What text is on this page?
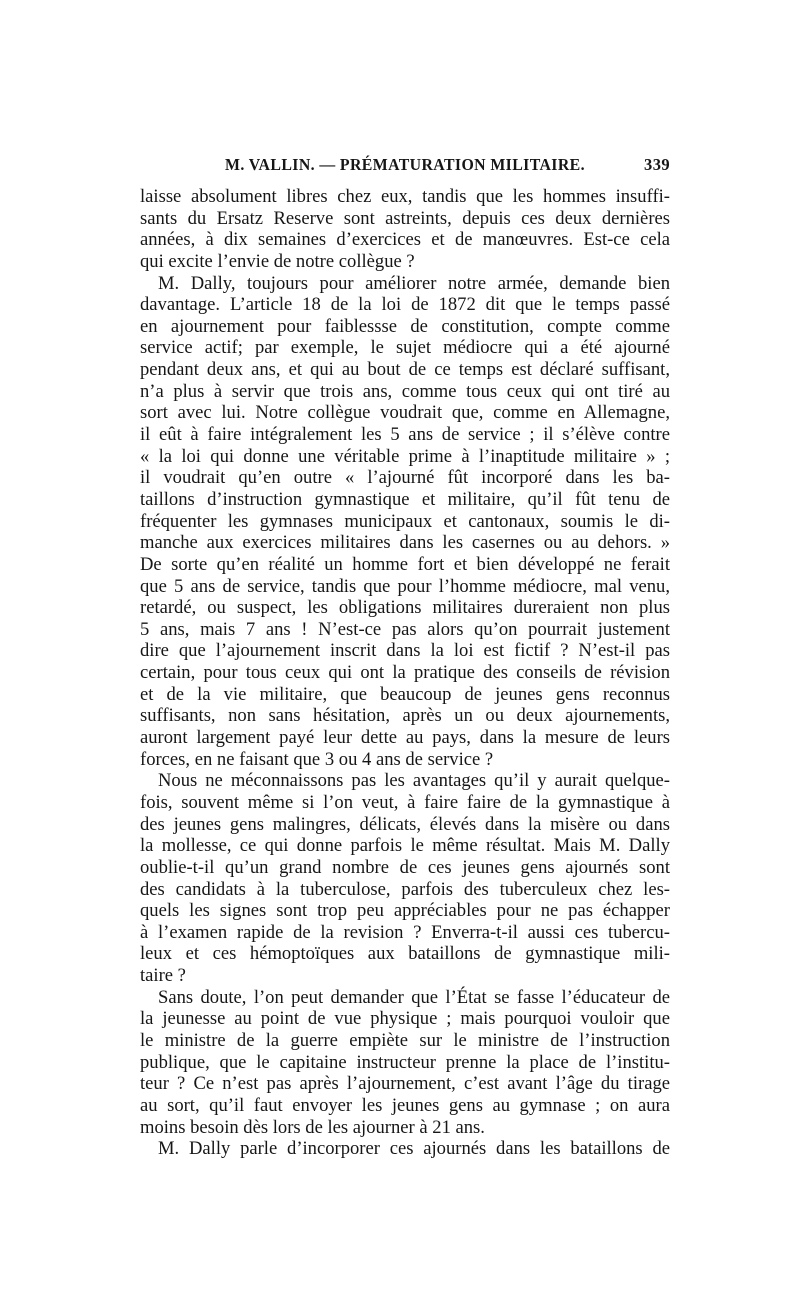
M. VALLIN. — PRÉMATURATION MILITAIRE.	339
laisse absolument libres chez eux, tandis que les hommes insuffi-
sants du Ersatz Reserve sont astreints, depuis ces deux dernières
années, à dix semaines d’exercices et de manœuvres. Est-ce cela
qui excite l’envie de notre collègue ?
M. Dally, toujours pour améliorer notre armée, demande bien
davantage. L’article 18 de la loi de 1872 dit que le temps passé
en ajournement pour faiblessse de constitution, compte comme
service actif; par exemple, le sujet médiocre qui a été ajourné
pendant deux ans, et qui au bout de ce temps est déclaré suffisant,
n’a plus à servir que trois ans, comme tous ceux qui ont tiré au
sort avec lui. Notre collègue voudrait que, comme en Allemagne,
il eût à faire intégralement les 5 ans de service ; il s’élève contre
« la loi qui donne une véritable prime à l’inaptitude militaire » ;
il voudrait qu’en outre « l’ajourné fût incorporé dans les ba-
taillons d’instruction gymnastique et militaire, qu’il fût tenu de
fréquenter les gymnases municipaux et cantonaux, soumis le di-
manche aux exercices militaires dans les casernes ou au dehors. »
De sorte qu’en réalité un homme fort et bien développé ne ferait
que 5 ans de service, tandis que pour l’homme médiocre, mal venu,
retardé, ou suspect, les obligations militaires dureraient non plus
5 ans, mais 7 ans ! N’est-ce pas alors qu’on pourrait justement
dire que l’ajournement inscrit dans la loi est fictif ? N’est-il pas
certain, pour tous ceux qui ont la pratique des conseils de révision
et de la vie militaire, que beaucoup de jeunes gens reconnus
suffisants, non sans hésitation, après un ou deux ajournements,
auront largement payé leur dette au pays, dans la mesure de leurs
forces, en ne faisant que 3 ou 4 ans de service ?
Nous ne méconnaissons pas les avantages qu’il y aurait quelque-
fois, souvent même si l’on veut, à faire faire de la gymnastique à
des jeunes gens malingres, délicats, élevés dans la misère ou dans
la mollesse, ce qui donne parfois le même résultat. Mais M. Dally
oublie-t-il qu’un grand nombre de ces jeunes gens ajournés sont
des candidats à la tuberculose, parfois des tuberculeux chez les-
quels les signes sont trop peu appréciables pour ne pas échapper
à l’examen rapide de la revision ? Enverra-t-il aussi ces tubercu-
leux et ces hémoptoïques aux bataillons de gymnastique mili-
taire ?
Sans doute, l’on peut demander que l’État se fasse l’éducateur de
la jeunesse au point de vue physique ; mais pourquoi vouloir que
le ministre de la guerre empiète sur le ministre de l’instruction
publique, que le capitaine instructeur prenne la place de l’institu-
teur ? Ce n’est pas après l’ajournement, c’est avant l’âge du tirage
au sort, qu’il faut envoyer les jeunes gens au gymnase ; on aura
moins besoin dès lors de les ajourner à 21 ans.
M. Dally parle d’incorporer ces ajournés dans les bataillons de
